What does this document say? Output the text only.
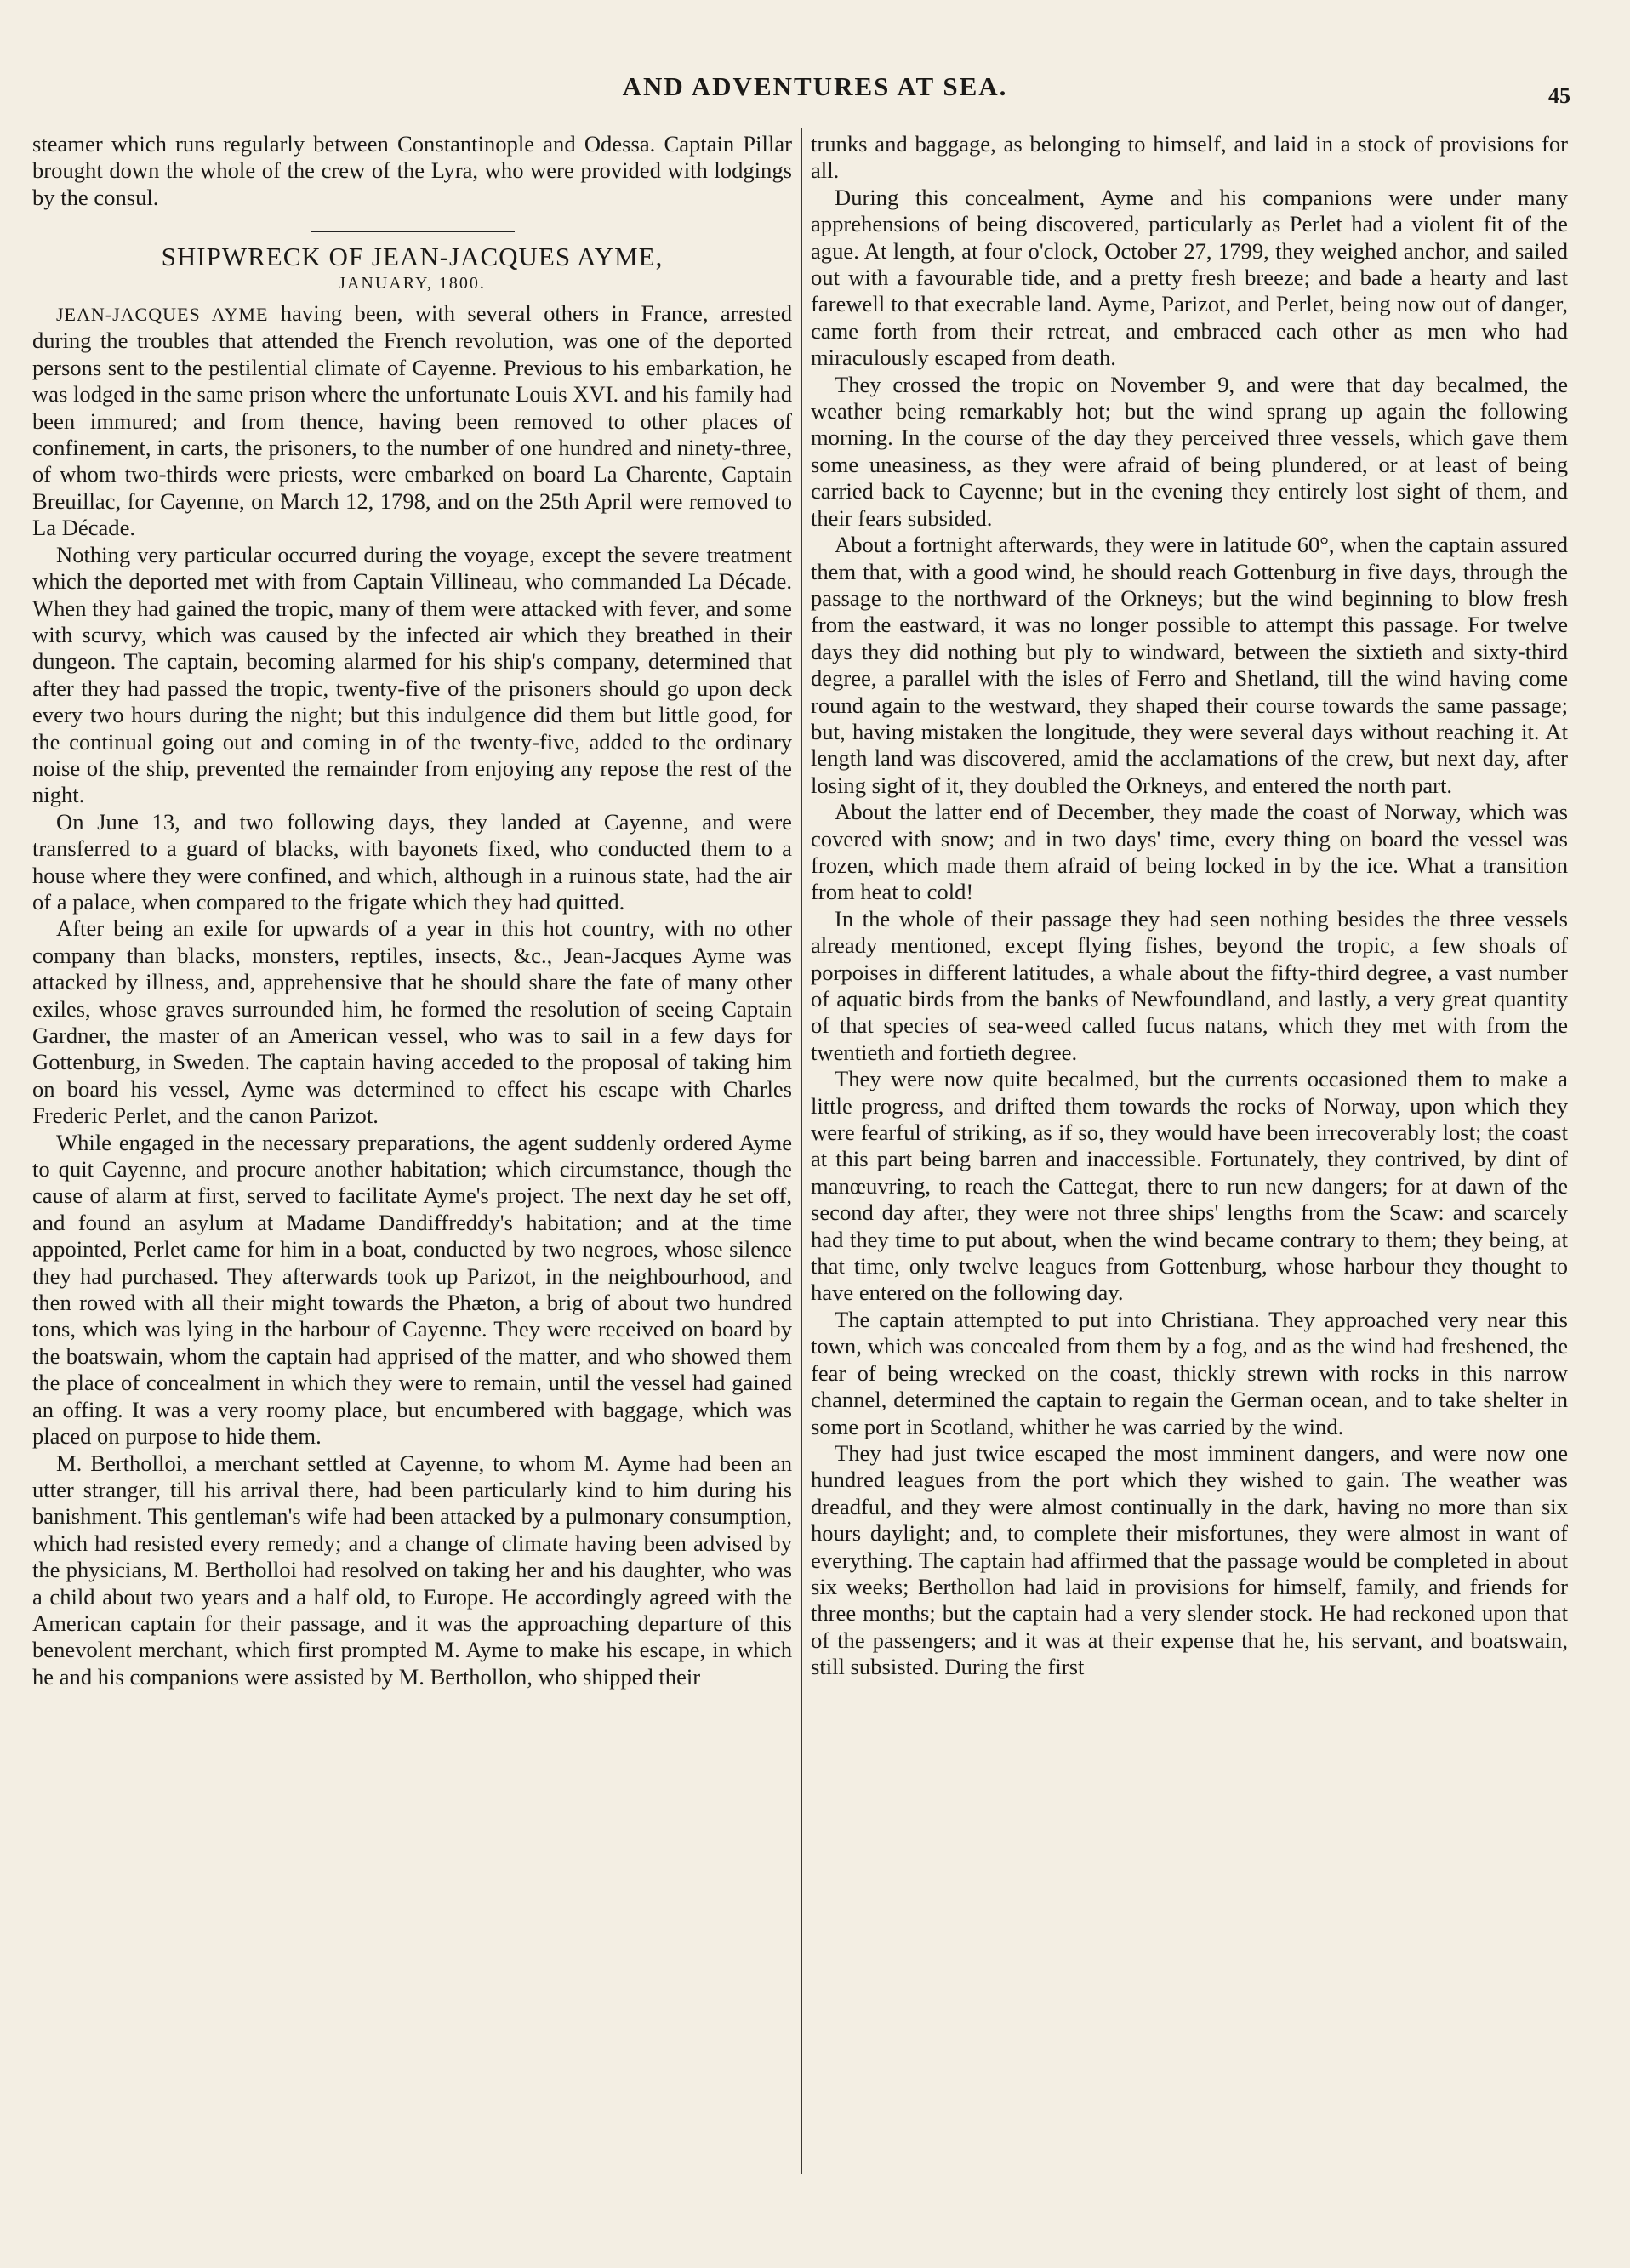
AND ADVENTURES AT SEA.	45

steamer which runs regularly between Constantinople and Odessa. Captain Pillar brought down the whole of the crew of the Lyra, who were provided with lodgings by the consul.

SHIPWRECK OF JEAN-JACQUES AYME,
JANUARY, 1800.

JEAN-JACQUES AYME having been, with several others in France, arrested during the troubles that attended the French revolution, was one of the deported persons sent to the pestilential climate of Cayenne. Previous to his embarkation, he was lodged in the same prison where the unfortunate Louis XVI. and his family had been immured; and from thence, having been removed to other places of confinement, in carts, the prisoners, to the number of one hundred and ninety-three, of whom two-thirds were priests, were embarked on board La Charente, Captain Breuillac, for Cayenne, on March 12, 1798, and on the 25th April were removed to La Décade.

Nothing very particular occurred during the voyage, except the severe treatment which the deported met with from Captain Villineau, who commanded La Décade. When they had gained the tropic, many of them were attacked with fever, and some with scurvy, which was caused by the infected air which they breathed in their dungeon. The captain, becoming alarmed for his ship's company, determined that after they had passed the tropic, twenty-five of the prisoners should go upon deck every two hours during the night; but this indulgence did them but little good, for the continual going out and coming in of the twenty-five, added to the ordinary noise of the ship, prevented the remainder from enjoying any repose the rest of the night.

On June 13, and two following days, they landed at Cayenne, and were transferred to a guard of blacks, with bayonets fixed, who conducted them to a house where they were confined, and which, although in a ruinous state, had the air of a palace, when compared to the frigate which they had quitted.

After being an exile for upwards of a year in this hot country, with no other company than blacks, monsters, reptiles, insects, &c., Jean-Jacques Ayme was attacked by illness, and, apprehensive that he should share the fate of many other exiles, whose graves surrounded him, he formed the resolution of seeing Captain Gardner, the master of an American vessel, who was to sail in a few days for Gottenburg, in Sweden. The captain having acceded to the proposal of taking him on board his vessel, Ayme was determined to effect his escape with Charles Frederic Perlet, and the canon Parizot.

While engaged in the necessary preparations, the agent suddenly ordered Ayme to quit Cayenne, and procure another habitation; which circumstance, though the cause of alarm at first, served to facilitate Ayme's project. The next day he set off, and found an asylum at Madame Dandiffreddy's habitation; and at the time appointed, Perlet came for him in a boat, conducted by two negroes, whose silence they had purchased. They afterwards took up Parizot, in the neighbourhood, and then rowed with all their might towards the Phæton, a brig of about two hundred tons, which was lying in the harbour of Cayenne. They were received on board by the boatswain, whom the captain had apprised of the matter, and who showed them the place of concealment in which they were to remain, until the vessel had gained an offing. It was a very roomy place, but encumbered with baggage, which was placed on purpose to hide them.

M. Bertholloi, a merchant settled at Cayenne, to whom M. Ayme had been an utter stranger, till his arrival there, had been particularly kind to him during his banishment. This gentleman's wife had been attacked by a pulmonary consumption, which had resisted every remedy; and a change of climate having been advised by the physicians, M. Bertholloi had resolved on taking her and his daughter, who was a child about two years and a half old, to Europe. He accordingly agreed with the American captain for their passage, and it was the approaching departure of this benevolent merchant, which first prompted M. Ayme to make his escape, in which he and his companions were assisted by M. Berthollon, who shipped their

trunks and baggage, as belonging to himself, and laid in a stock of provisions for all.

During this concealment, Ayme and his companions were under many apprehensions of being discovered, particularly as Perlet had a violent fit of the ague. At length, at four o'clock, October 27, 1799, they weighed anchor, and sailed out with a favourable tide, and a pretty fresh breeze; and bade a hearty and last farewell to that execrable land. Ayme, Parizot, and Perlet, being now out of danger, came forth from their retreat, and embraced each other as men who had miraculously escaped from death.

They crossed the tropic on November 9, and were that day becalmed, the weather being remarkably hot; but the wind sprang up again the following morning. In the course of the day they perceived three vessels, which gave them some uneasiness, as they were afraid of being plundered, or at least of being carried back to Cayenne; but in the evening they entirely lost sight of them, and their fears subsided.

About a fortnight afterwards, they were in latitude 60°, when the captain assured them that, with a good wind, he should reach Gottenburg in five days, through the passage to the northward of the Orkneys; but the wind beginning to blow fresh from the eastward, it was no longer possible to attempt this passage. For twelve days they did nothing but ply to windward, between the sixtieth and sixty-third degree, a parallel with the isles of Ferro and Shetland, till the wind having come round again to the westward, they shaped their course towards the same passage; but, having mistaken the longitude, they were several days without reaching it. At length land was discovered, amid the acclamations of the crew, but next day, after losing sight of it, they doubled the Orkneys, and entered the north part.

About the latter end of December, they made the coast of Norway, which was covered with snow; and in two days' time, every thing on board the vessel was frozen, which made them afraid of being locked in by the ice. What a transition from heat to cold!

In the whole of their passage they had seen nothing besides the three vessels already mentioned, except flying fishes, beyond the tropic, a few shoals of porpoises in different latitudes, a whale about the fifty-third degree, a vast number of aquatic birds from the banks of Newfoundland, and lastly, a very great quantity of that species of sea-weed called fucus natans, which they met with from the twentieth and fortieth degree.

They were now quite becalmed, but the currents occasioned them to make a little progress, and drifted them towards the rocks of Norway, upon which they were fearful of striking, as if so, they would have been irrecoverably lost; the coast at this part being barren and inaccessible. Fortunately, they contrived, by dint of manœuvring, to reach the Cattegat, there to run new dangers; for at dawn of the second day after, they were not three ships' lengths from the Scaw: and scarcely had they time to put about, when the wind became contrary to them; they being, at that time, only twelve leagues from Gottenburg, whose harbour they thought to have entered on the following day.

The captain attempted to put into Christiana. They approached very near this town, which was concealed from them by a fog, and as the wind had freshened, the fear of being wrecked on the coast, thickly strewn with rocks in this narrow channel, determined the captain to regain the German ocean, and to take shelter in some port in Scotland, whither he was carried by the wind.

They had just twice escaped the most imminent dangers, and were now one hundred leagues from the port which they wished to gain. The weather was dreadful, and they were almost continually in the dark, having no more than six hours daylight; and, to complete their misfortunes, they were almost in want of everything. The captain had affirmed that the passage would be completed in about six weeks; Berthollon had laid in provisions for himself, family, and friends for three months; but the captain had a very slender stock. He had reckoned upon that of the passengers; and it was at their expense that he, his servant, and boatswain, still subsisted. During the first
